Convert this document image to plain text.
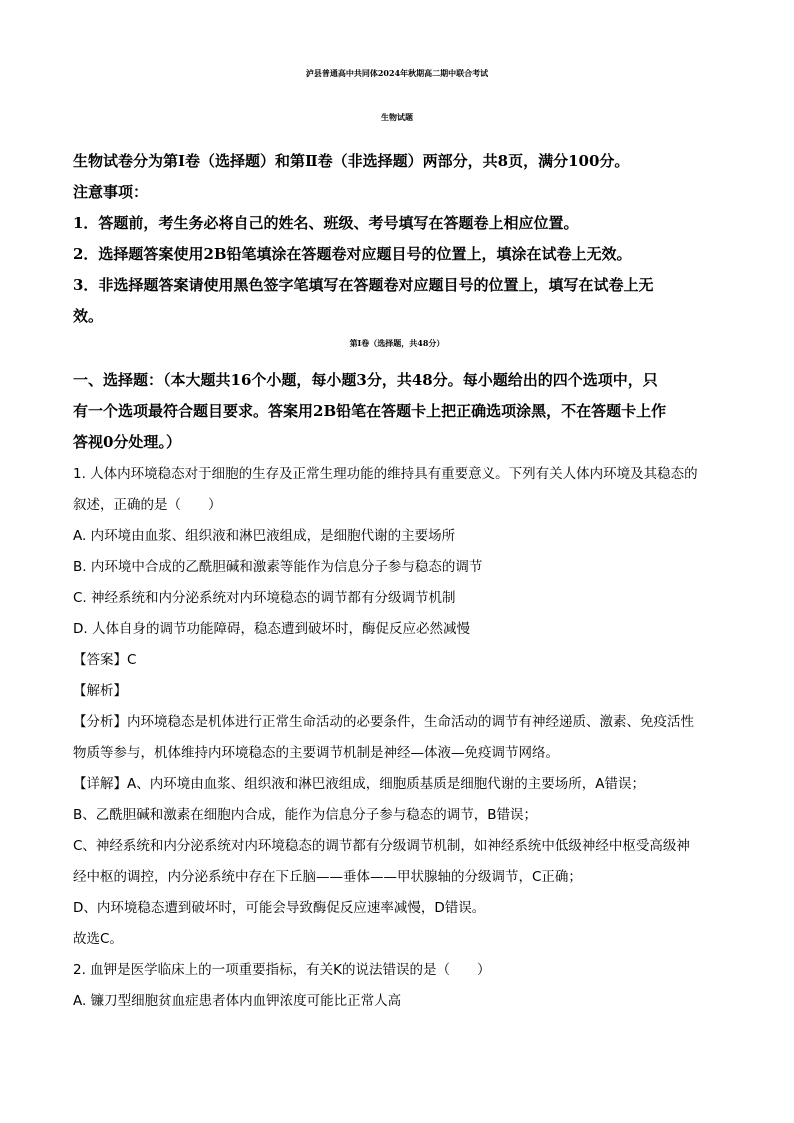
泸县普通高中共同体2024年秋期高二期中联合考试

生物试题

生物试卷分为第Ⅰ卷（选择题）和第Ⅱ卷（非选择题）两部分，共8页，满分100分。

注意事项：

1．答题前，考生务必将自己的姓名、班级、考号填写在答题卷上相应位置。

2．选择题答案使用2B铅笔填涂在答题卷对应题目号的位置上，填涂在试卷上无效。

3．非选择题答案请使用黑色签字笔填写在答题卷对应题目号的位置上，填写在试卷上无

效。

第Ⅰ卷（选择题，共48分）

一、选择题：（本大题共16个小题，每小题3分，共48分。每小题给出的四个选项中，只

有一个选项最符合题目要求。答案用2B铅笔在答题卡上把正确选项涂黑，不在答题卡上作

答视0分处理。）

1. 人体内环境稳态对于细胞的生存及正常生理功能的维持具有重要意义。下列有关人体内环境及其稳态的

叙述，正确的是（　　）

A. 内环境由血浆、组织液和淋巴液组成，是细胞代谢的主要场所

B. 内环境中合成的乙酰胆碱和激素等能作为信息分子参与稳态的调节

C. 神经系统和内分泌系统对内环境稳态的调节都有分级调节机制

D. 人体自身的调节功能障碍，稳态遭到破坏时，酶促反应必然减慢

【答案】C

【解析】

【分析】内环境稳态是机体进行正常生命活动的必要条件，生命活动的调节有神经递质、激素、免疫活性

物质等参与，机体维持内环境稳态的主要调节机制是神经—体液—免疫调节网络。

【详解】A、内环境由血浆、组织液和淋巴液组成，细胞质基质是细胞代谢的主要场所，A错误；

B、乙酰胆碱和激素在细胞内合成，能作为信息分子参与稳态的调节，B错误；

C、神经系统和内分泌系统对内环境稳态的调节都有分级调节机制，如神经系统中低级神经中枢受高级神

经中枢的调控，内分泌系统中存在下丘脑——垂体——甲状腺轴的分级调节，C正确；

D、内环境稳态遭到破坏时，可能会导致酶促反应速率减慢，D错误。

故选C。

2. 血钾是医学临床上的一项重要指标，有关K的说法错误的是（　　）

A. 镰刀型细胞贫血症患者体内血钾浓度可能比正常人高
